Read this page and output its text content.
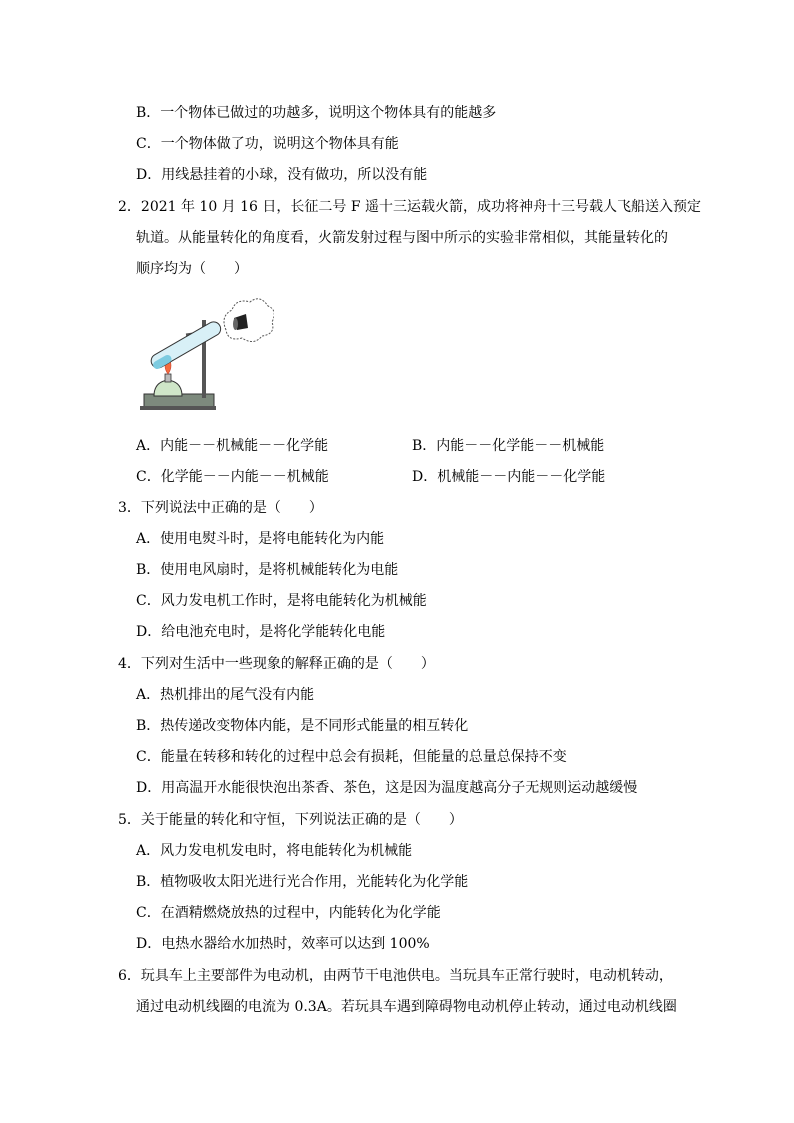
B．一个物体已做过的功越多，说明这个物体具有的能越多
C．一个物体做了功，说明这个物体具有能
D．用线悬挂着的小球，没有做功，所以没有能
2．2021 年 10 月 16 日，长征二号 F 遥十三运载火箭，成功将神舟十三号载人飞船送入预定
轨道。从能量转化的角度看，火箭发射过程与图中所示的实验非常相似，其能量转化的
顺序均为（　　）
A．内能－－机械能－－化学能	B．内能－－化学能－－机械能
C．化学能－－内能－－机械能	D．机械能－－内能－－化学能
3．下列说法中正确的是（　　）
A．使用电熨斗时，是将电能转化为内能
B．使用电风扇时，是将机械能转化为电能
C．风力发电机工作时，是将电能转化为机械能
D．给电池充电时，是将化学能转化电能
4．下列对生活中一些现象的解释正确的是（　　）
A．热机排出的尾气没有内能
B．热传递改变物体内能，是不同形式能量的相互转化
C．能量在转移和转化的过程中总会有损耗，但能量的总量总保持不变
D．用高温开水能很快泡出茶香、茶色，这是因为温度越高分子无规则运动越缓慢
5．关于能量的转化和守恒，下列说法正确的是（　　）
A．风力发电机发电时，将电能转化为机械能
B．植物吸收太阳光进行光合作用，光能转化为化学能
C．在酒精燃烧放热的过程中，内能转化为化学能
D．电热水器给水加热时，效率可以达到 100%
6．玩具车上主要部件为电动机，由两节干电池供电。当玩具车正常行驶时，电动机转动，
通过电动机线圈的电流为 0.3A。若玩具车遇到障碍物电动机停止转动，通过电动机线圈
